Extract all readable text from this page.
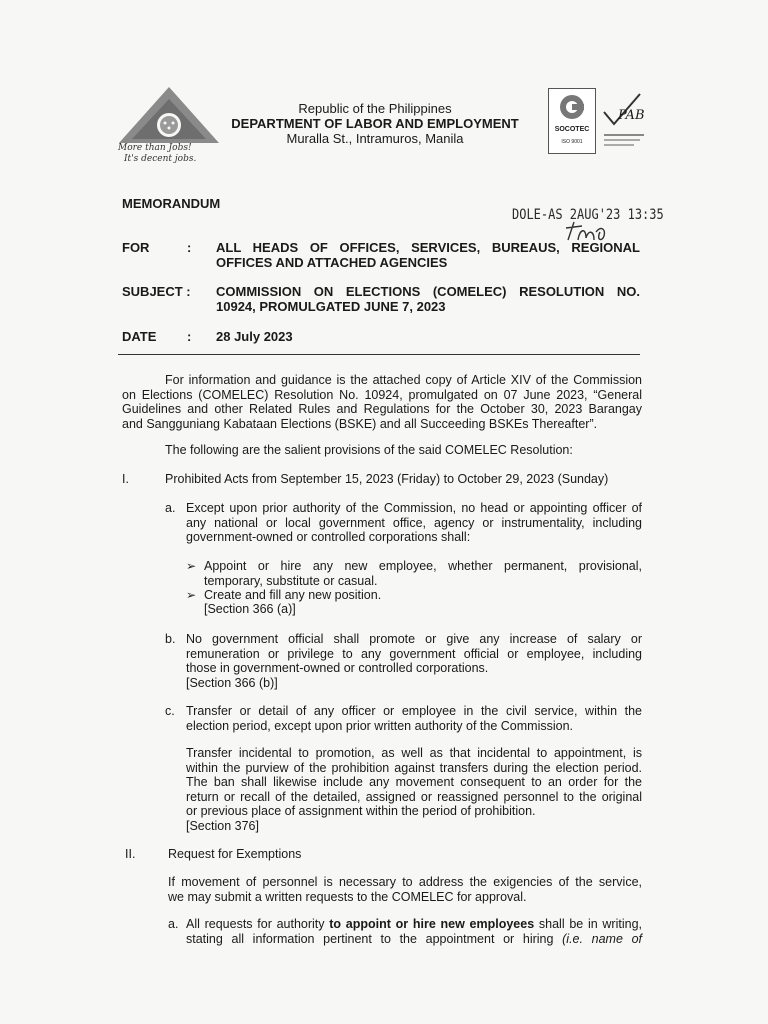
More than Jobs!
It's decent jobs.
Republic of the Philippines
DEPARTMENT OF LABOR AND EMPLOYMENT
Muralla St., Intramuros, Manila
SOCOTEC
ISO 9001
PAB
MEMORANDUM
DOLE-AS 2AUG'23 13:35
FOR	: ALL HEADS OF OFFICES, SERVICES, BUREAUS, REGIONAL
OFFICES AND ATTACHED AGENCIES
SUBJECT : COMMISSION ON ELECTIONS (COMELEC) RESOLUTION NO.
10924, PROMULGATED JUNE 7, 2023
DATE : 28 July 2023
For information and guidance is the attached copy of Article XIV of the Commission
on Elections (COMELEC) Resolution No. 10924, promulgated on 07 June 2023, “General
Guidelines and other Related Rules and Regulations for the October 30, 2023 Barangay
and Sangguniang Kabataan Elections (BSKE) and all Succeeding BSKEs Thereafter”.
The following are the salient provisions of the said COMELEC Resolution:
I.	Prohibited Acts from September 15, 2023 (Friday) to October 29, 2023 (Sunday)
a. Except upon prior authority of the Commission, no head or appointing officer of
any national or local government office, agency or instrumentality, including
government-owned or controlled corporations shall:
➢ Appoint or hire any new employee, whether permanent, provisional,
temporary, substitute or casual.
➢ Create and fill any new position.
[Section 366 (a)]
b. No government official shall promote or give any increase of salary or
remuneration or privilege to any government official or employee, including
those in government-owned or controlled corporations.
[Section 366 (b)]
c. Transfer or detail of any officer or employee in the civil service, within the
election period, except upon prior written authority of the Commission.
Transfer incidental to promotion, as well as that incidental to appointment, is
within the purview of the prohibition against transfers during the election period.
The ban shall likewise include any movement consequent to an order for the
return or recall of the detailed, assigned or reassigned personnel to the original
or previous place of assignment within the period of prohibition.
[Section 376]
II.	Request for Exemptions
If movement of personnel is necessary to address the exigencies of the service,
we may submit a written requests to the COMELEC for approval.
a. All requests for authority to appoint or hire new employees shall be in writing,
stating all information pertinent to the appointment or hiring (i.e. name of
